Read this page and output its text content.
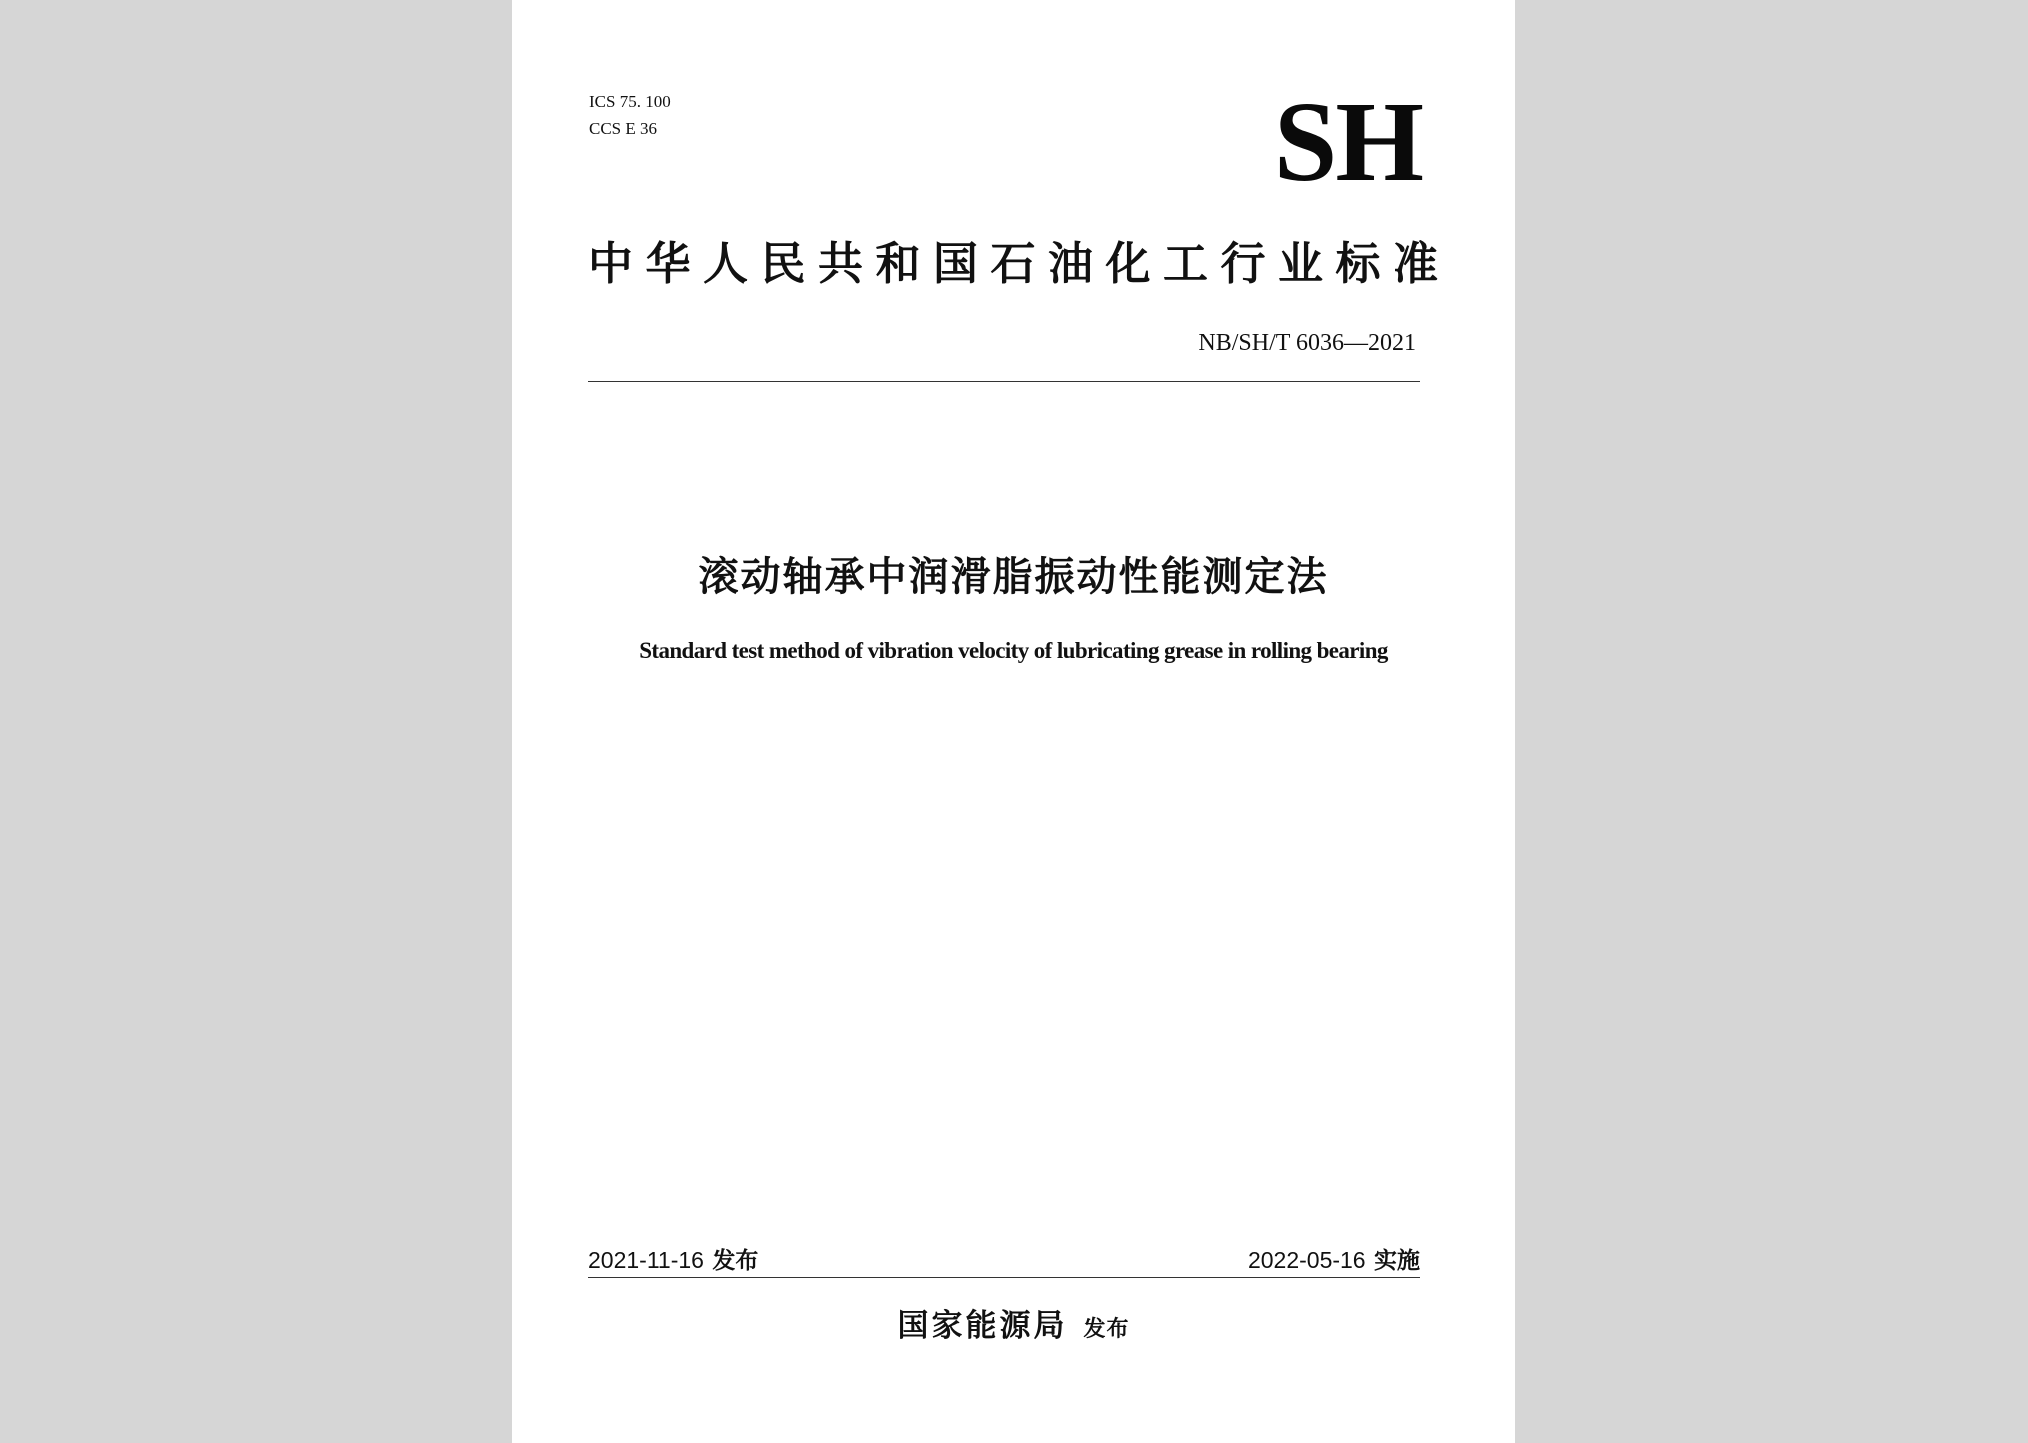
ICS 75. 100
CCS E 36	SH
中华人民共和国石油化工行业标准
NB/SH/T 6036—2021
滚动轴承中润滑脂振动性能测定法
Standard test method of vibration velocity of lubricating grease in rolling bearing
2021-11-16 发布	2022-05-16 实施
国家能源局 发布
